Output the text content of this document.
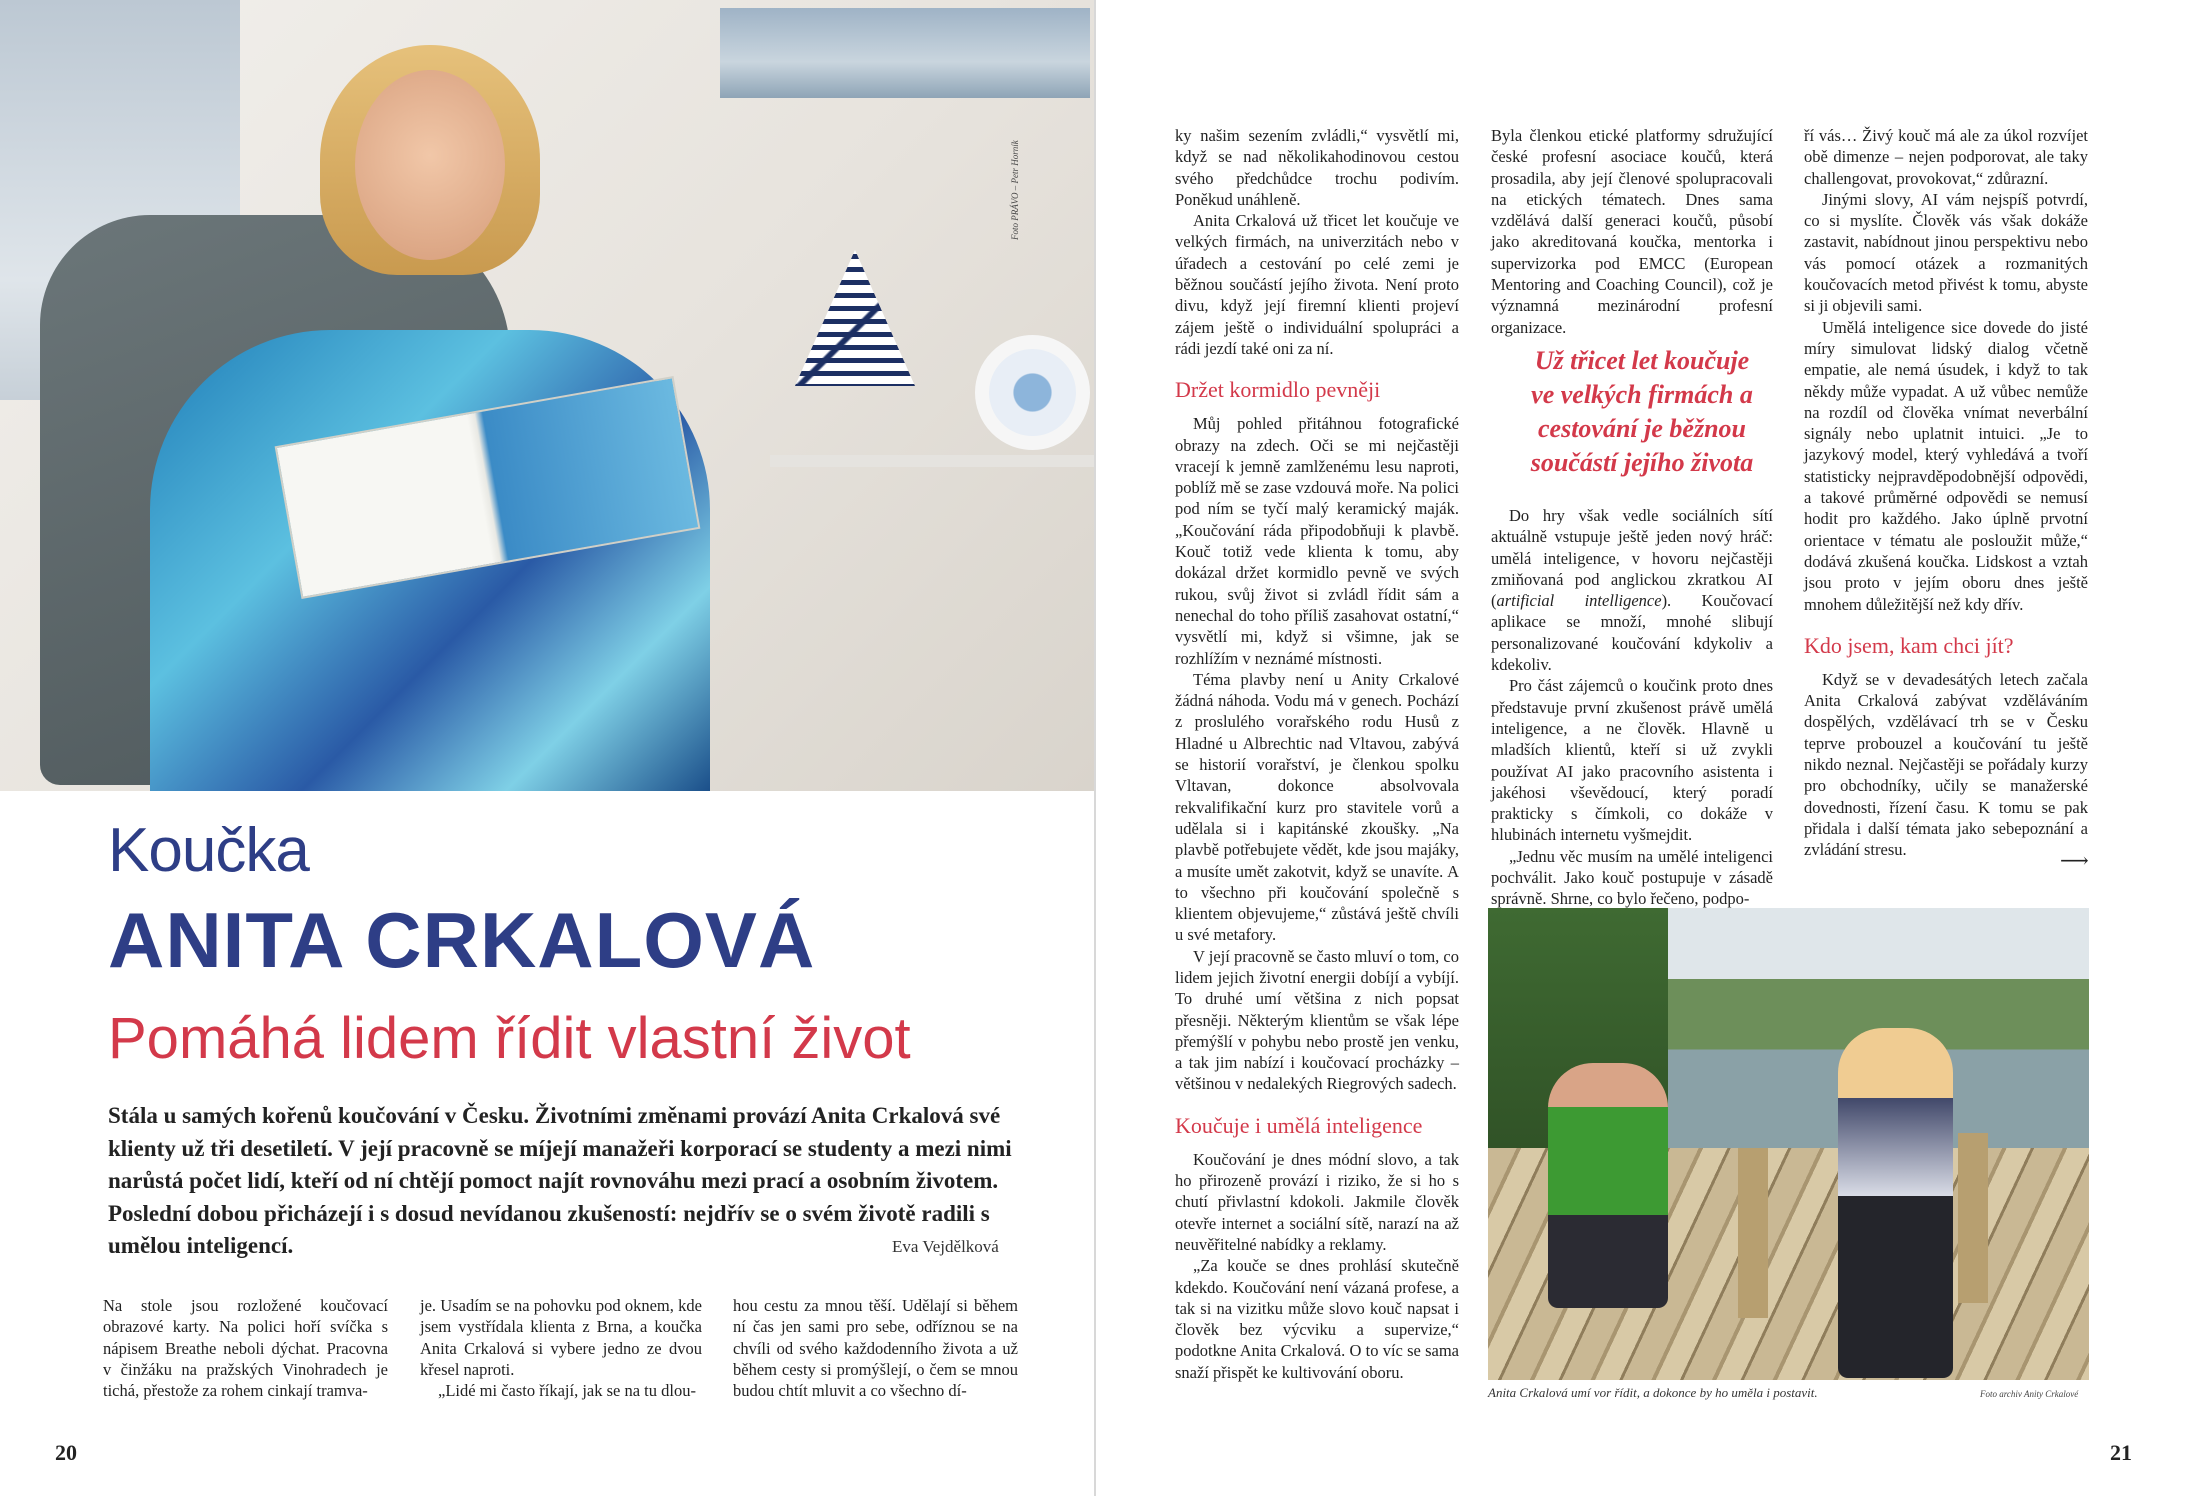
Foto PRÁVO – Petr Horník
Koučka
ANITA CRKALOVÁ
Pomáhá lidem řídit vlastní život
Stála u samých kořenů koučování v Česku. Životními změnami provází Anita Crkalová své klienty už tři desetiletí. V její pracovně se míjejí manažeři korporací se studenty a mezi nimi narůstá počet lidí, kteří od ní chtějí pomoct najít rovnováhu mezi prací a osobním životem. Poslední dobou přicházejí i s dosud nevídanou zkušeností: nejdřív se o svém životě radili s umělou inteligencí.	Eva Vejdělková

Na stole jsou rozložené koučovací obrazové karty. Na polici hoří svíčka s nápisem Breathe neboli dýchat. Pracovna v činžáku na pražských Vinohradech je tichá, přestože za rohem cinkají tramva-

je. Usadím se na pohovku pod oknem, kde jsem vystřídala klienta z Brna, a koučka Anita Crkalová si vybere jedno ze dvou křesel naproti.

„Lidé mi často říkají, jak se na tu dlou-

hou cestu za mnou těší. Udělají si během ní čas jen sami pro sebe, odříznou se na chvíli od svého každodenního života a už během cesty si promýšlejí, o čem se mnou budou chtít mluvit a co všechno dí-

ky našim sezením zvládli,“ vysvětlí mi, když se nad několikahodinovou cestou svého předchůdce trochu podivím. Poněkud unáhleně.

Anita Crkalová už třicet let koučuje ve velkých firmách, na univerzitách nebo v úřadech a cestování po celé zemi je běžnou součástí jejího života. Není proto divu, když její firemní klienti projeví zájem ještě o individuální spolupráci a rádi jezdí také oni za ní.

Držet kormidlo pevněji

Můj pohled přitáhnou fotografické obrazy na zdech. Oči se mi nejčastěji vracejí k jemně zamlženému lesu naproti, poblíž mě se zase vzdouvá moře. Na polici pod ním se tyčí malý keramický maják. „Koučování ráda připodobňuji k plavbě. Kouč totiž vede klienta k tomu, aby dokázal držet kormidlo pevně ve svých rukou, svůj život si zvládl řídit sám a nenechal do toho příliš zasahovat ostatní,“ vysvětlí mi, když si všimne, jak se rozhlížím v neznámé místnosti.

Téma plavby není u Anity Crkalové žádná náhoda. Vodu má v genech. Pochází z proslulého vorařského rodu Husů z Hladné u Albrechtic nad Vltavou, zabývá se historií vorařství, je členkou spolku Vltavan, dokonce absolvovala rekvalifikační kurz pro stavitele vorů a udělala si i kapitánské zkoušky. „Na plavbě potřebujete vědět, kde jsou majáky, a musíte umět zakotvit, když se unavíte. A to všechno při koučování společně s klientem objevujeme,“ zůstává ještě chvíli u své metafory.

V její pracovně se často mluví o tom, co lidem jejich životní energii dobíjí a vybíjí. To druhé umí většina z nich popsat přesněji. Některým klientům se však lépe přemýšlí v pohybu nebo prostě jen venku, a tak jim nabízí i koučovací procházky – většinou v nedalekých Riegrových sadech.

Koučuje i umělá inteligence

Koučování je dnes módní slovo, a tak ho přirozeně provází i riziko, že si ho s chutí přivlastní kdokoli. Jakmile člověk otevře internet a sociální sítě, narazí na až neuvěřitelné nabídky a reklamy.

„Za kouče se dnes prohlásí skutečně kdekdo. Koučování není vázaná profese, a tak si na vizitku může slovo kouč napsat i člověk bez výcviku a supervize,“ podotkne Anita Crkalová. O to víc se sama snaží přispět ke kultivování oboru.

Byla členkou etické platformy sdružující české profesní asociace koučů, která prosadila, aby její členové spolupracovali na etických tématech. Dnes sama vzdělává další generaci koučů, působí jako akreditovaná koučka, mentorka i supervizorka pod EMCC (European Mentoring and Coaching Council), což je významná mezinárodní profesní organizace.

Už třicet let koučuje ve velkých firmách a cestování je běžnou součástí jejího života

Do hry však vedle sociálních sítí aktuálně vstupuje ještě jeden nový hráč: umělá inteligence, v hovoru nejčastěji zmiňovaná pod anglickou zkratkou AI (artificial intelligence). Koučovací aplikace se množí, mnohé slibují personalizované koučování kdykoliv a kdekoliv.

Pro část zájemců o koučink proto dnes představuje první zkušenost právě umělá inteligence, a ne člověk. Hlavně u mladších klientů, kteří si už zvykli používat AI jako pracovního asistenta i jakéhosi vševědoucí, který poradí prakticky s čímkoli, co dokáže v hlubinách internetu vyšmejdit.

„Jednu věc musím na umělé inteligenci pochválit. Jako kouč postupuje v zásadě správně. Shrne, co bylo řečeno, podpo-

ří vás… Živý kouč má ale za úkol rozvíjet obě dimenze – nejen podporovat, ale taky challengovat, provokovat,“ zdůrazní.

Jinými slovy, AI vám nejspíš potvrdí, co si myslíte. Člověk vás však dokáže zastavit, nabídnout jinou perspektivu nebo vás pomocí otázek a rozmanitých koučovacích metod přivést k tomu, abyste si ji objevili sami.

Umělá inteligence sice dovede do jisté míry simulovat lidský dialog včetně empatie, ale nemá úsudek, i když to tak někdy může vypadat. A už vůbec nemůže na rozdíl od člověka vnímat neverbální signály nebo uplatnit intuici. „Je to jazykový model, který vyhledává a tvoří statisticky nejpravděpodobnější odpovědi, a takové průměrné odpovědi se nemusí hodit pro každého. Jako úplně prvotní orientace v tématu ale posloužit může,“ dodává zkušená koučka. Lidskost a vztah jsou proto v jejím oboru dnes ještě mnohem důležitější než kdy dřív.

Kdo jsem, kam chci jít?

Když se v devadesátých letech začala Anita Crkalová zabývat vzděláváním dospělých, vzdělávací trh se v Česku teprve probouzel a koučování tu ještě nikdo neznal. Nejčastěji se pořádaly kurzy pro obchodníky, učily se manažerské dovednosti, řízení času. K tomu se pak přidala i další témata jako sebepoznání a zvládání stresu.

⟶
Anita Crkalová umí vor řídit, a dokonce by ho uměla i postavit.	Foto archiv Anity Crkalové
20	21
